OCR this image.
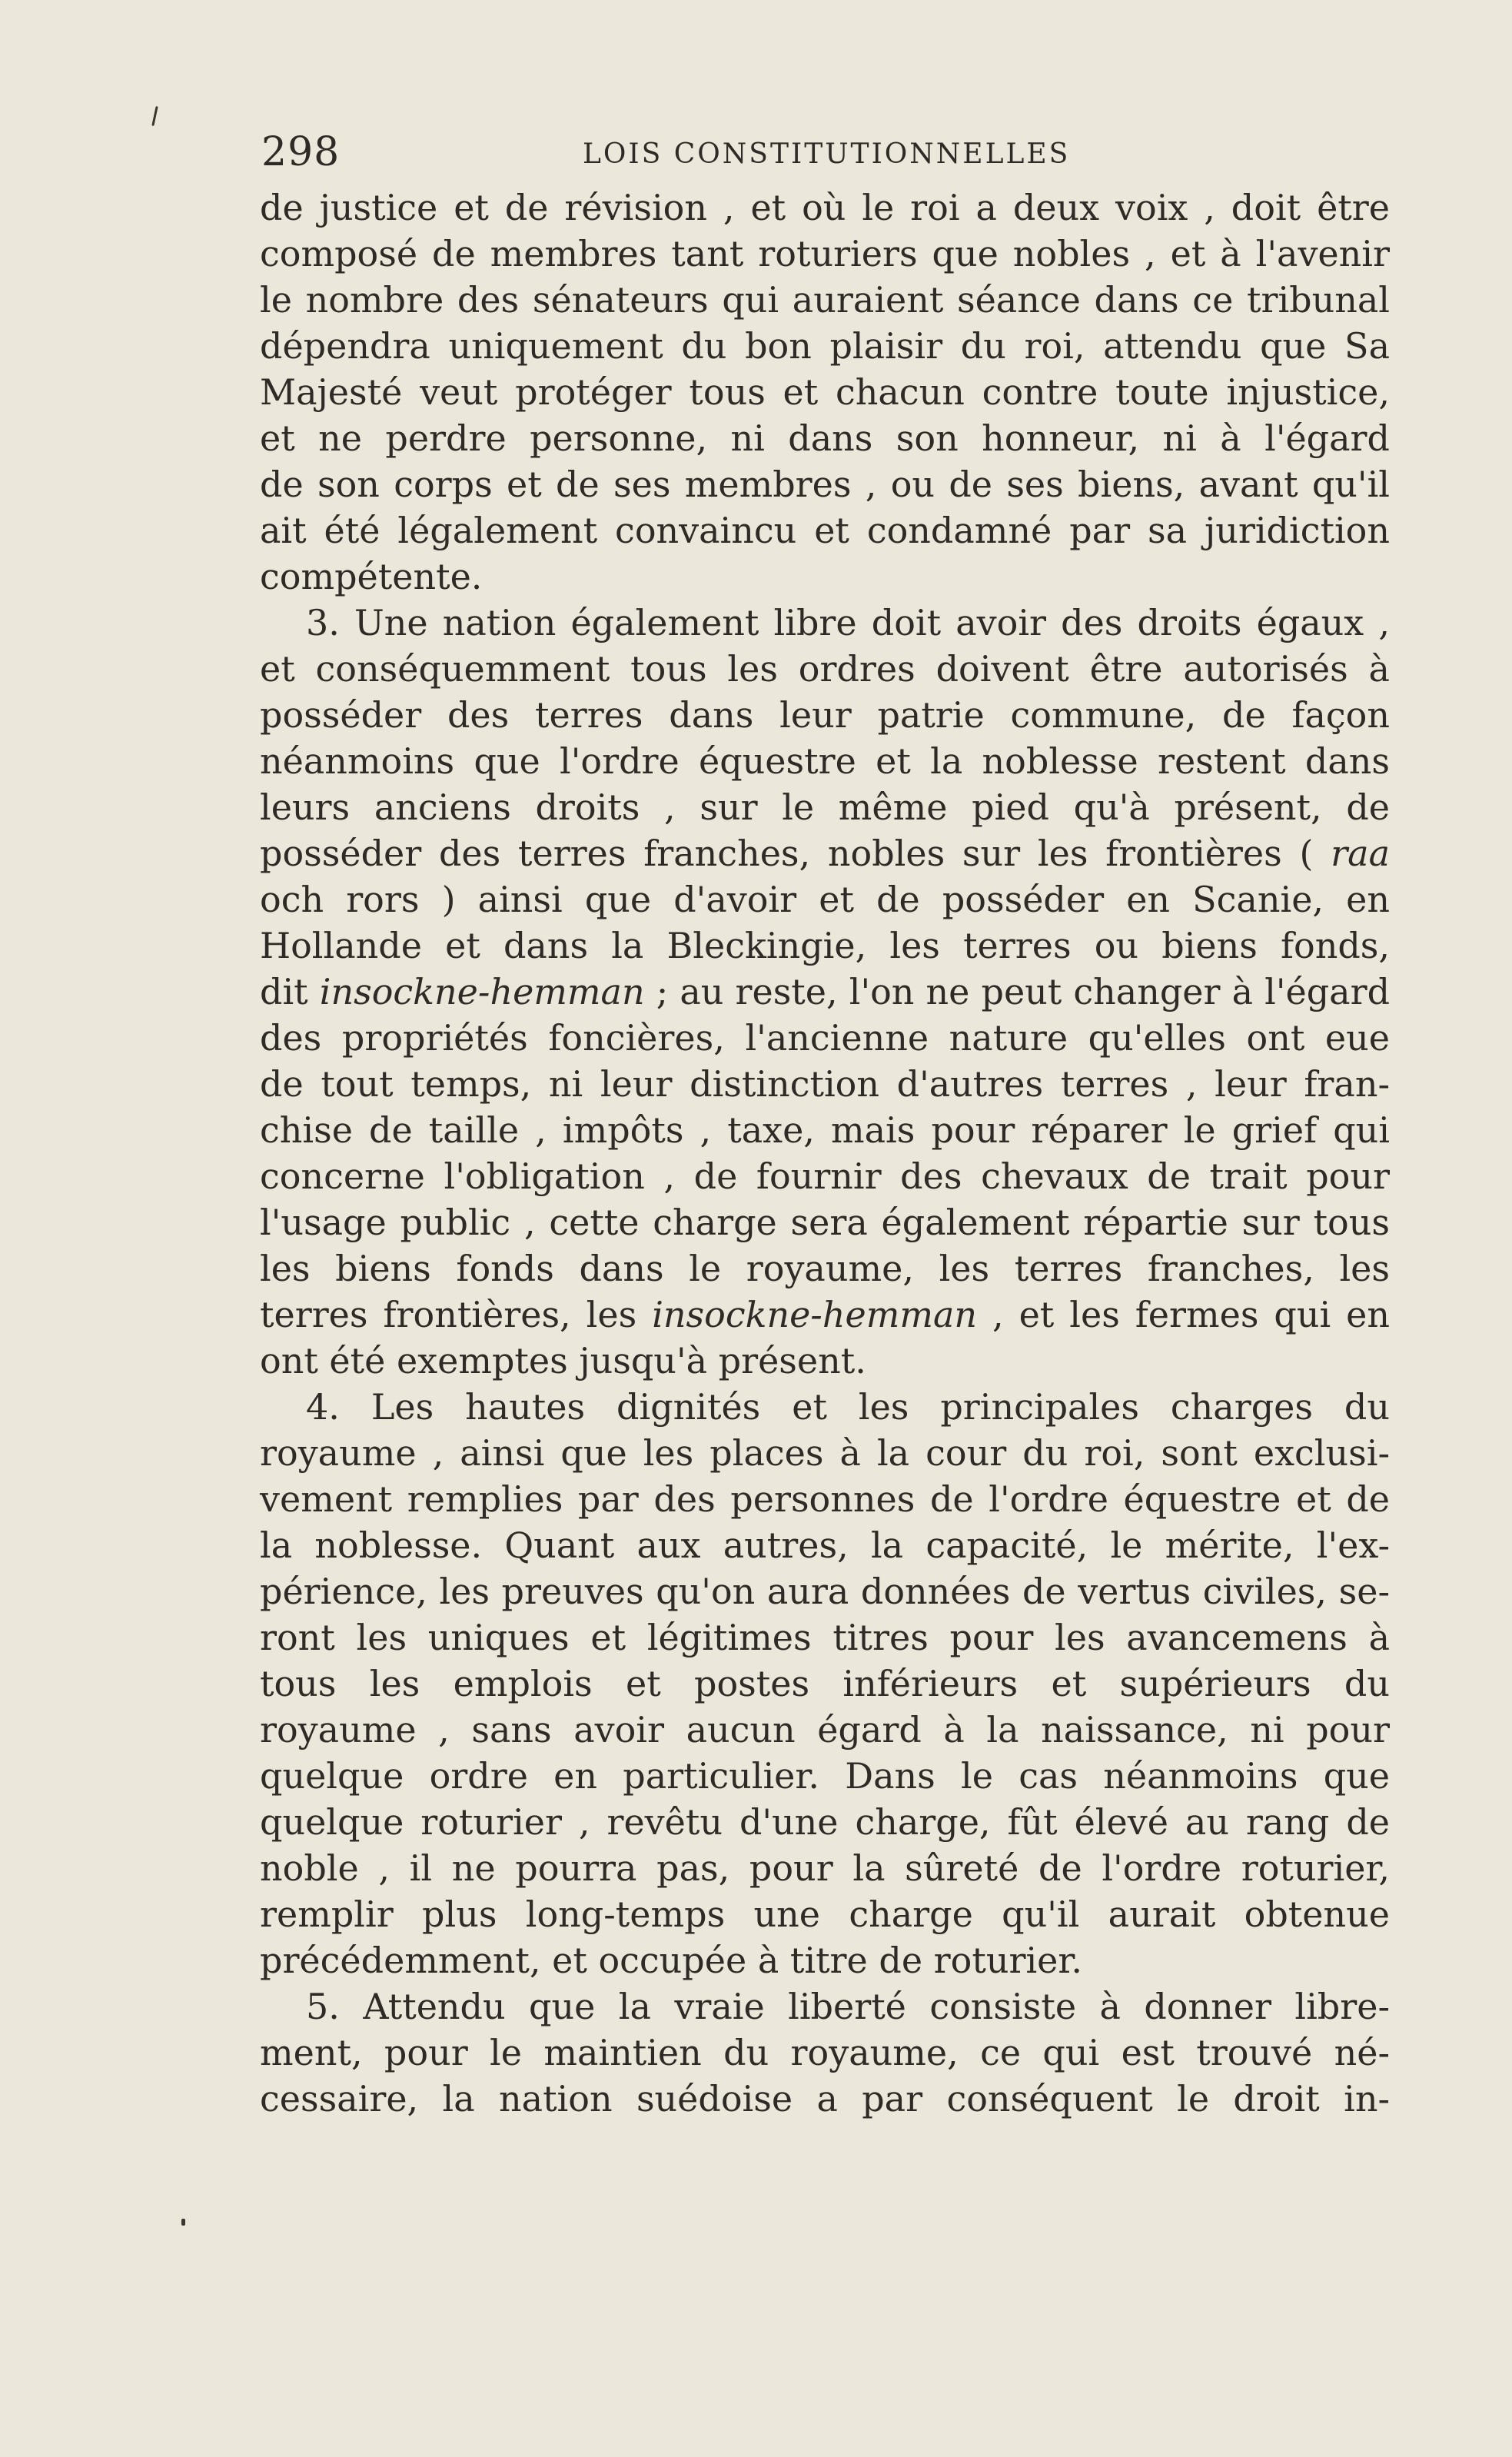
298	LOIS CONSTITUTIONNELLES
de justice et de révision , et où le roi a deux voix , doit être
composé de membres tant roturiers que nobles , et à l'avenir
le nombre des sénateurs qui auraient séance dans ce tribunal
dépendra uniquement du bon plaisir du roi, attendu que Sa
Majesté veut protéger tous et chacun contre toute injustice,
et ne perdre personne, ni dans son honneur, ni à l'égard
de son corps et de ses membres , ou de ses biens, avant qu'il
ait été légalement convaincu et condamné par sa juridiction
compétente.
3. Une nation également libre doit avoir des droits égaux ,
et conséquemment tous les ordres doivent être autorisés à
posséder des terres dans leur patrie commune, de façon
néanmoins que l'ordre équestre et la noblesse restent dans
leurs anciens droits , sur le même pied qu'à présent, de
posséder des terres franches, nobles sur les frontières ( raa
och rors ) ainsi que d'avoir et de posséder en Scanie, en
Hollande et dans la Bleckingie, les terres ou biens fonds,
dit insockne-hemman ; au reste, l'on ne peut changer à l'égard
des propriétés foncières, l'ancienne nature qu'elles ont eue
de tout temps, ni leur distinction d'autres terres , leur fran-
chise de taille , impôts , taxe, mais pour réparer le grief qui
concerne l'obligation , de fournir des chevaux de trait pour
l'usage public , cette charge sera également répartie sur tous
les biens fonds dans le royaume, les terres franches, les
terres frontières, les insockne-hemman , et les fermes qui en
ont été exemptes jusqu'à présent.
4. Les hautes dignités et les principales charges du
royaume , ainsi que les places à la cour du roi, sont exclusi-
vement remplies par des personnes de l'ordre équestre et de
la noblesse. Quant aux autres, la capacité, le mérite, l'ex-
périence, les preuves qu'on aura données de vertus civiles, se-
ront les uniques et légitimes titres pour les avancemens à
tous les emplois et postes inférieurs et supérieurs du
royaume , sans avoir aucun égard à la naissance, ni pour
quelque ordre en particulier. Dans le cas néanmoins que
quelque roturier , revêtu d'une charge, fût élevé au rang de
noble , il ne pourra pas, pour la sûreté de l'ordre roturier,
remplir plus long-temps une charge qu'il aurait obtenue
précédemment, et occupée à titre de roturier.
5. Attendu que la vraie liberté consiste à donner libre-
ment, pour le maintien du royaume, ce qui est trouvé né-
cessaire, la nation suédoise a par conséquent le droit in-
